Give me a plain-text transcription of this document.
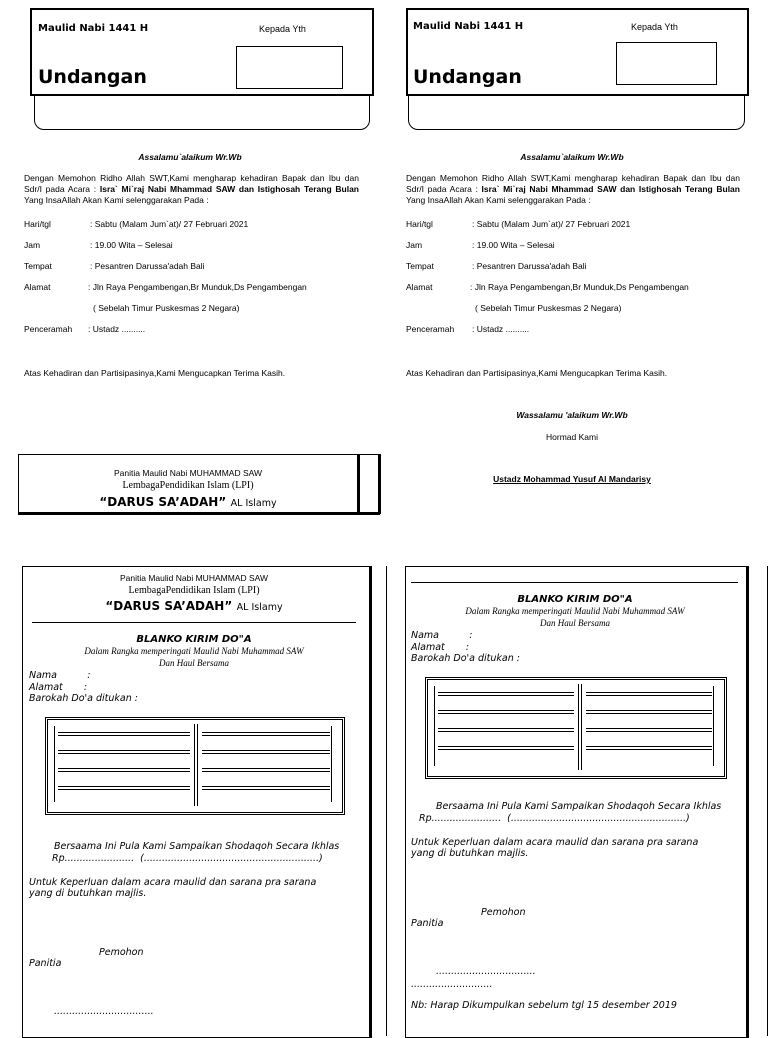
Maulid Nabi 1441 H	Kepada Yth
Undangan
Assalamu`alaikum Wr.Wb
Dengan Memohon Ridho Allah SWT,Kami mengharap kehadiran Bapak dan Ibu dan Sdr/I pada Acara : Isra` Mi`raj Nabi Mhammad SAW dan Istighosah Terang Bulan Yang InsaAllah Akan Kami selenggarakan Pada :
Hari/tgl	: Sabtu (Malam Jum`at)/ 27 Februari 2021
Jam	: 19.00 Wita – Selesai
Tempat	: Pesantren Darussa'adah Bali
Alamat	: Jln Raya Pengambengan,Br Munduk,Ds Pengambengan
( Sebelah Timur Puskesmas 2 Negara)
Penceramah : Ustadz ..........
Atas Kehadiran dan Partisipasinya,Kami Mengucapkan Terima Kasih.
Panitia Maulid Nabi MUHAMMAD SAW
LembagaPendidikan Islam (LPI)
“DARUS SA’ADAH” AL Islamy
Maulid Nabi 1441 H	Kepada Yth
Undangan
Assalamu`alaikum Wr.Wb
Dengan Memohon Ridho Allah SWT,Kami mengharap kehadiran Bapak dan Ibu dan Sdr/I pada Acara : Isra` Mi`raj Nabi Mhammad SAW dan Istighosah Terang Bulan Yang InsaAllah Akan Kami selenggarakan Pada :
Hari/tgl	: Sabtu (Malam Jum`at)/ 27 Februari 2021
Jam	: 19.00 Wita – Selesai
Tempat	: Pesantren Darussa'adah Bali
Alamat	: Jln Raya Pengambengan,Br Munduk,Ds Pengambengan
( Sebelah Timur Puskesmas 2 Negara)
Penceramah : Ustadz ..........
Atas Kehadiran dan Partisipasinya,Kami Mengucapkan Terima Kasih.
Wassalamu 'alaikum Wr.Wb
Hormad Kami
Ustadz Mohammad Yusuf Al Mandarisy
Panitia Maulid Nabi MUHAMMAD SAW
LembagaPendidikan Islam (LPI)
“DARUS SA’ADAH” AL Islamy
BLANKO KIRIM DO"A
Dalam Rangka memperingati Maulid Nabi Muhammad SAW
Dan Haul Bersama
Nama          :
Alamat       :
Barokah Do'a ditukan :
Bersaama Ini Pula Kami Sampaikan Shodaqoh Secara Ikhlas
Rp.......................  (..........................................................)
Untuk Keperluan dalam acara maulid dan sarana pra sarana
yang di butuhkan majlis.
Pemohon
Panitia
.................................
BLANKO KIRIM DO"A
Dalam Rangka memperingati Maulid Nabi Muhammad SAW
Dan Haul Bersama
Nama          :
Alamat       :
Barokah Do'a ditukan :
Bersaama Ini Pula Kami Sampaikan Shodaqoh Secara Ikhlas
Rp.......................  (..........................................................)
Untuk Keperluan dalam acara maulid dan sarana pra sarana
yang di butuhkan majlis.
Pemohon
Panitia
.................................
...........................
Nb: Harap Dikumpulkan sebelum tgl 15 desember 2019
